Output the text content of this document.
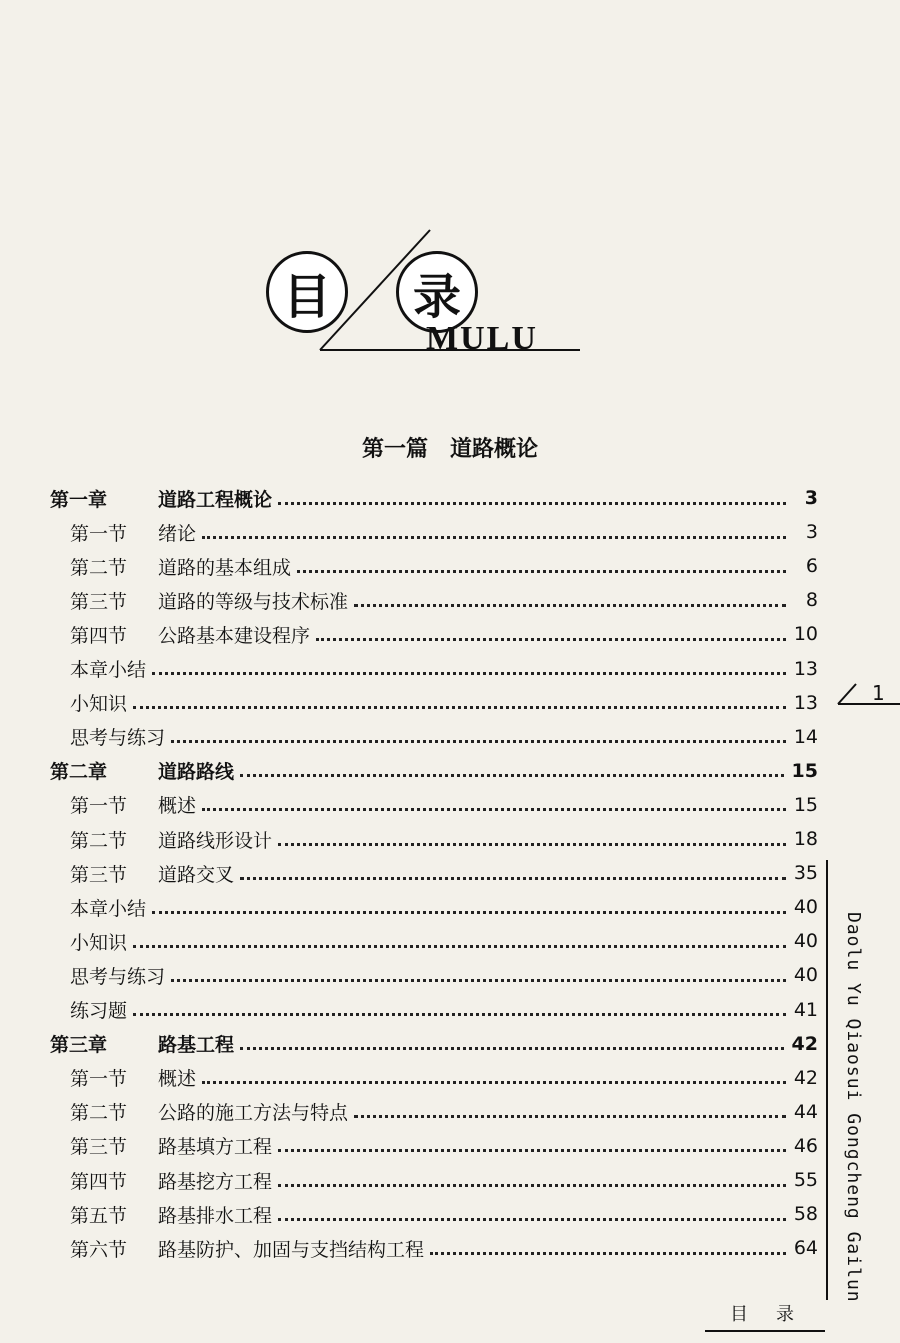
目	录
MULU
第一篇　道路概论
第一章	道路工程概论	3
第一节	绪论	3
第二节	道路的基本组成	6
第三节	道路的等级与技术标准	8
第四节	公路基本建设程序	10
本章小结	13
小知识	13
思考与练习	14
第二章	道路路线	15
第一节	概述	15
第二节	道路线形设计	18
第三节	道路交叉	35
本章小结	40
小知识	40
思考与练习	40
练习题	41
第三章	路基工程	42
第一节	概述	42
第二节	公路的施工方法与特点	44
第三节	路基填方工程	46
第四节	路基挖方工程	55
第五节	路基排水工程	58
第六节	路基防护、加固与支挡结构工程	64
1
Daolu Yu Qiaosui Gongcheng Gailun
目录
